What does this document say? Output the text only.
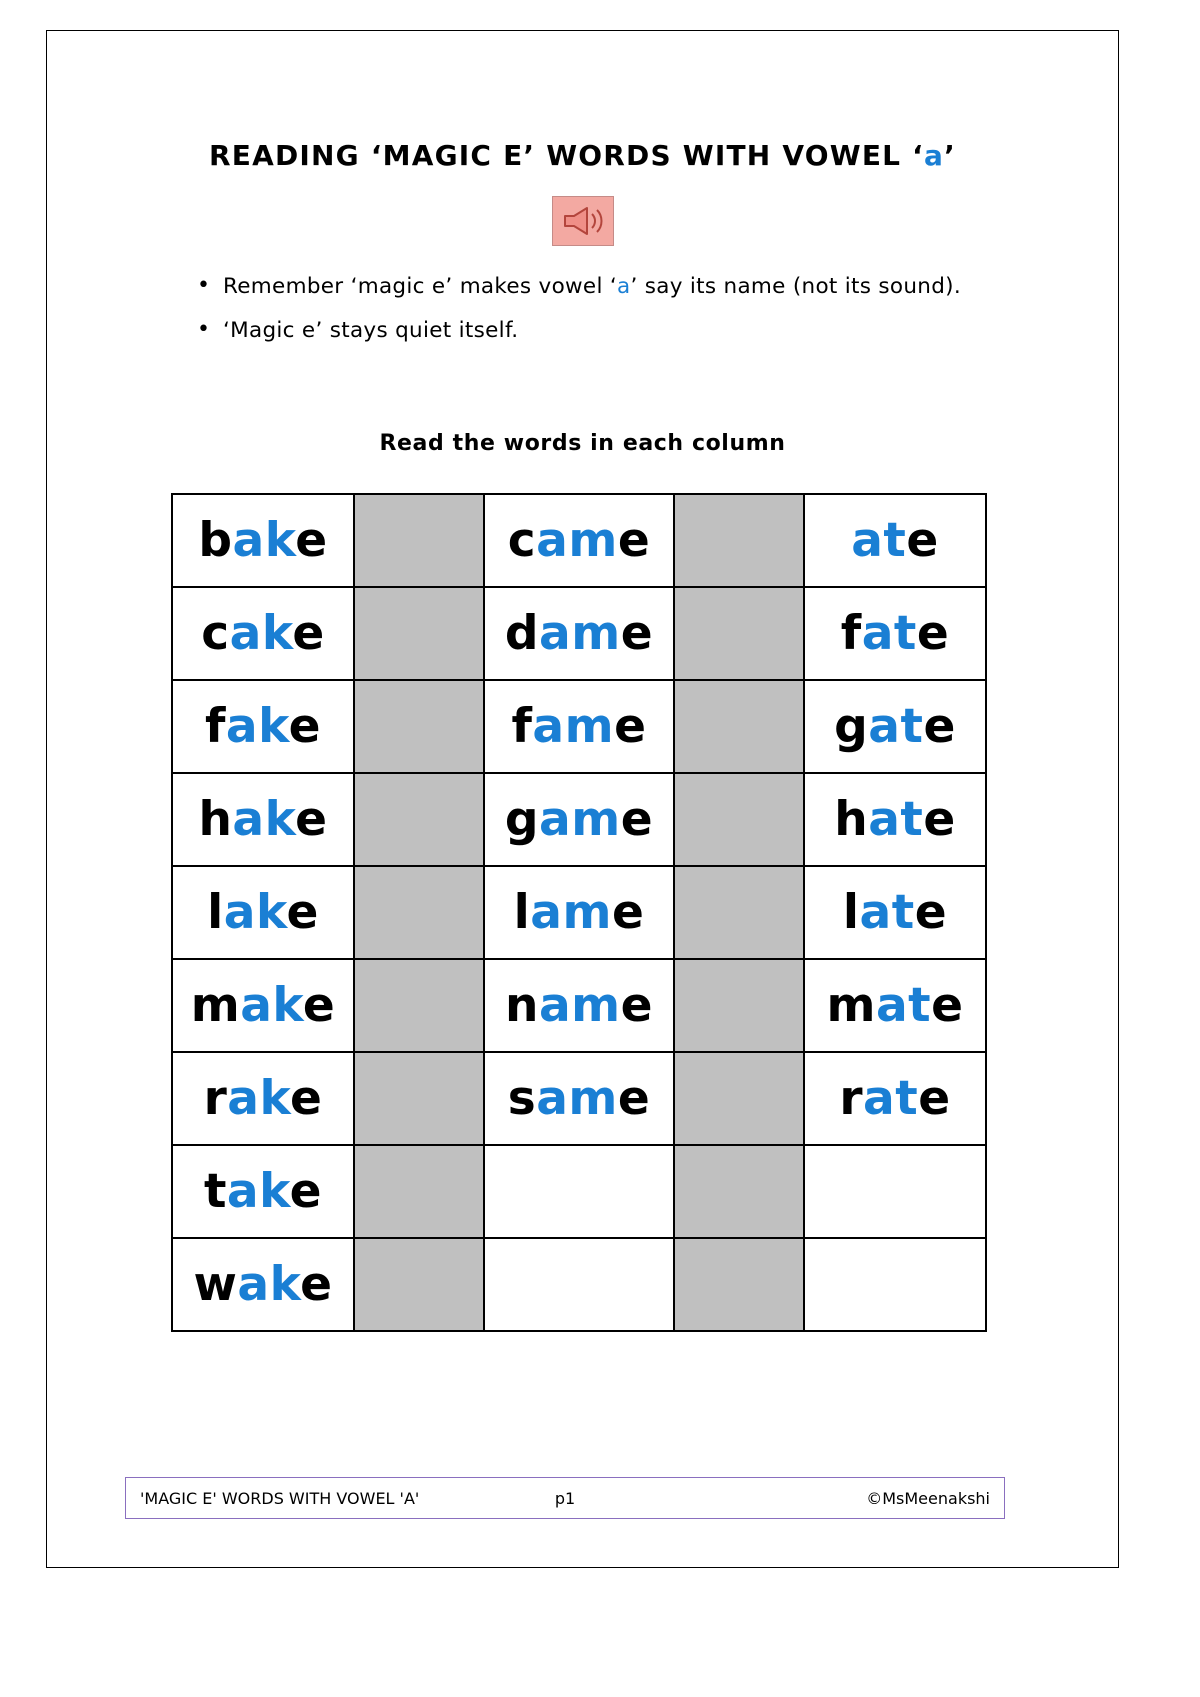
READING ‘MAGIC E’ WORDS WITH VOWEL ‘a’
• Remember ‘magic e’ makes vowel ‘a’ say its name (not its sound).
• ‘Magic e’ stays quiet itself.
Read the words in each column
bake		came		ate
cake		dame		fate
fake		fame		gate
hake		game		hate
lake		lame		late
make		name		mate
rake		same		rate
take				
wake				
p1
'MAGIC E' WORDS WITH VOWEL 'A'	©MsMeenakshi
